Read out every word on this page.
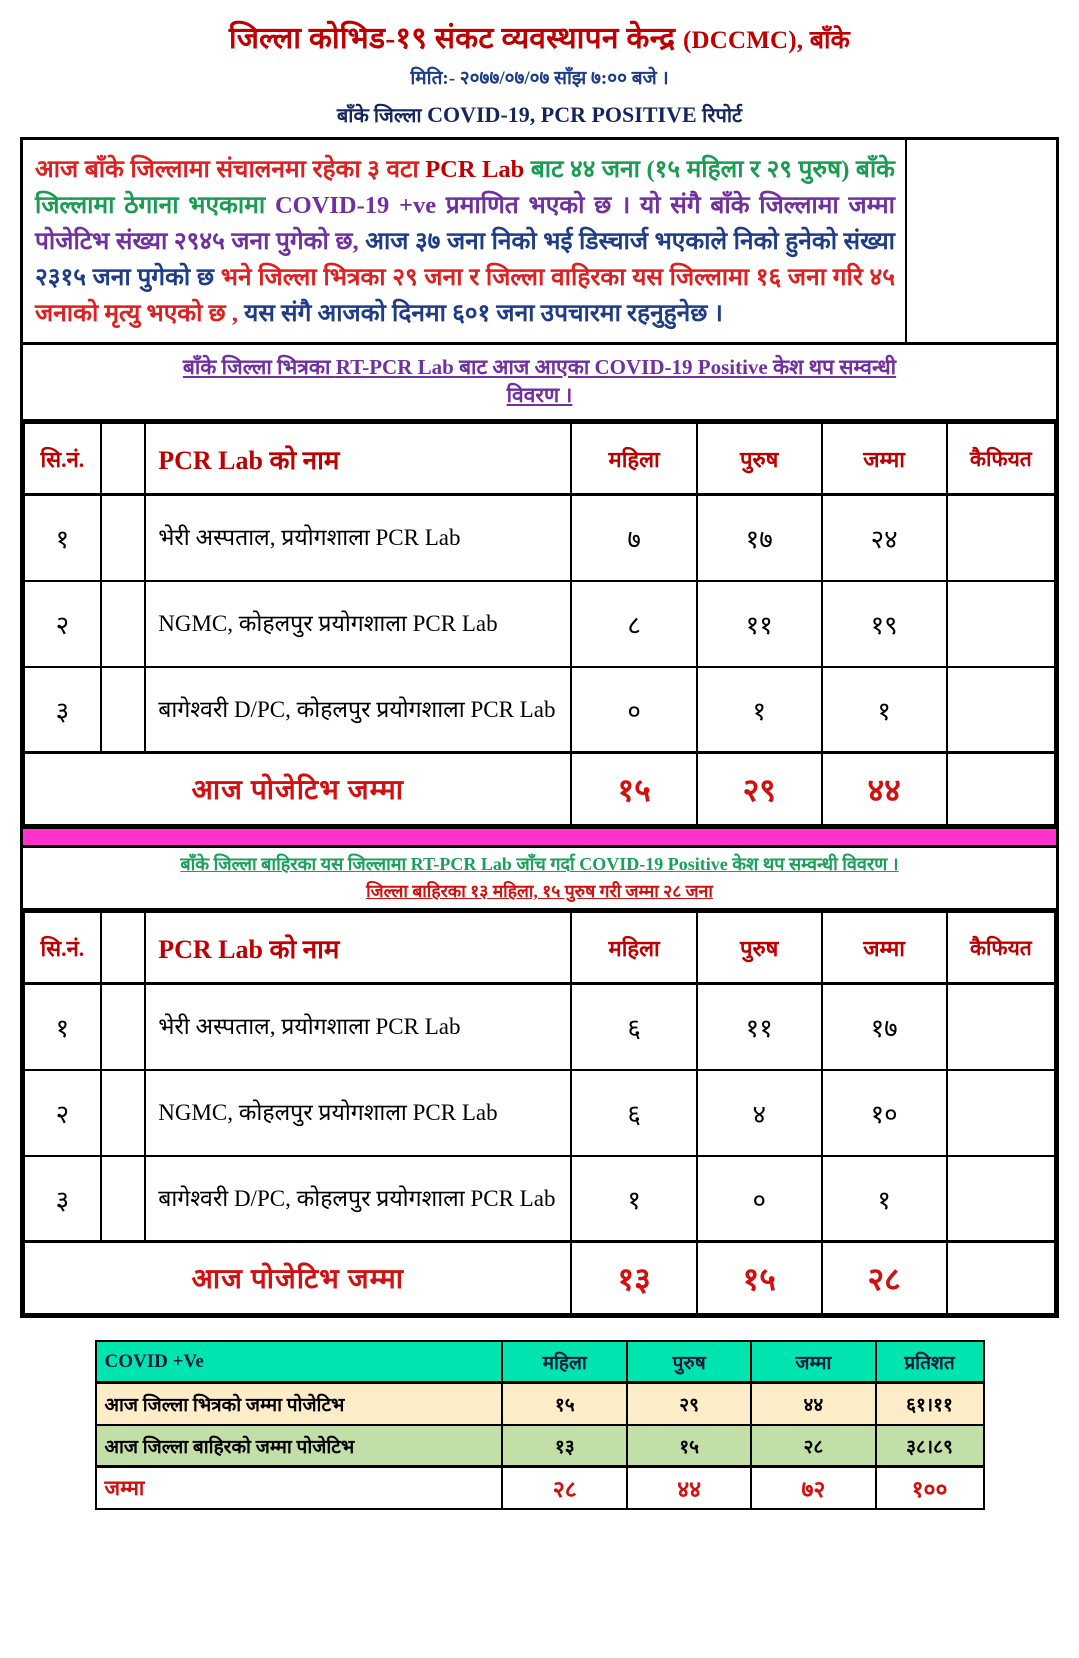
जिल्ला कोभिड-१९ संकट व्यवस्थापन केन्द्र (DCCMC), बाँके
मिति:- २०७७/०७/०७ साँझ ७:०० बजे ।
बाँके जिल्ला COVID-19, PCR POSITIVE रिपोर्ट
आज बाँके जिल्लामा संचालनमा रहेका ३ वटा PCR Lab बाट ४४ जना (१५ महिला र २९ पुरुष) बाँके जिल्लामा ठेगाना भएकामा COVID-19 +ve प्रमाणित भएको छ । यो संगै बाँके जिल्लामा जम्मा पोजेटिभ संख्या २९४५ जना पुगेको छ, आज ३७ जना निको भई डिस्चार्ज भएकाले निको हुनेको संख्या २३१५ जना पुगेको छ भने जिल्ला भित्रका २९ जना र जिल्ला वाहिरका यस जिल्लामा १६ जना गरि ४५ जनाको मृत्यु भएको छ , यस संगै आजको दिनमा ६०१ जना उपचारमा रहनुहुनेछ ।
बाँके जिल्ला भित्रका RT-PCR Lab बाट आज आएका COVID-19 Positive केश थप सम्वन्धी
विवरण ।
सि.नं.		PCR Lab को नाम	महिला	पुरुष	जम्मा	कैफियत
१		भेरी अस्पताल, प्रयोगशाला PCR Lab	७	१७	२४	
२		NGMC, कोहलपुर प्रयोगशाला PCR Lab	८	११	१९	
३		बागेश्वरी D/PC, कोहलपुर प्रयोगशाला PCR Lab	०	१	१	
आज पोजेटिभ जम्मा			१५	२९	४४	
बाँके जिल्ला बाहिरका यस जिल्लामा RT-PCR Lab जाँच गर्दा COVID-19 Positive केश थप सम्वन्धी विवरण ।
जिल्ला बाहिरका १३ महिला, १५ पुरुष गरी जम्मा २८ जना
सि.नं.		PCR Lab को नाम	महिला	पुरुष	जम्मा	कैफियत
१		भेरी अस्पताल, प्रयोगशाला PCR Lab	६	११	१७	
२		NGMC, कोहलपुर प्रयोगशाला PCR Lab	६	४	१०	
३		बागेश्वरी D/PC, कोहलपुर प्रयोगशाला PCR Lab	१	०	१	
आज पोजेटिभ जम्मा			१३	१५	२८	
COVID +Ve	महिला	पुरुष	जम्मा	प्रतिशत
आज जिल्ला भित्रको जम्मा पोजेटिभ	१५	२९	४४	६१।११
आज जिल्ला बाहिरको जम्मा पोजेटिभ	१३	१५	२८	३८।८९
जम्मा	२८	४४	७२	१००
